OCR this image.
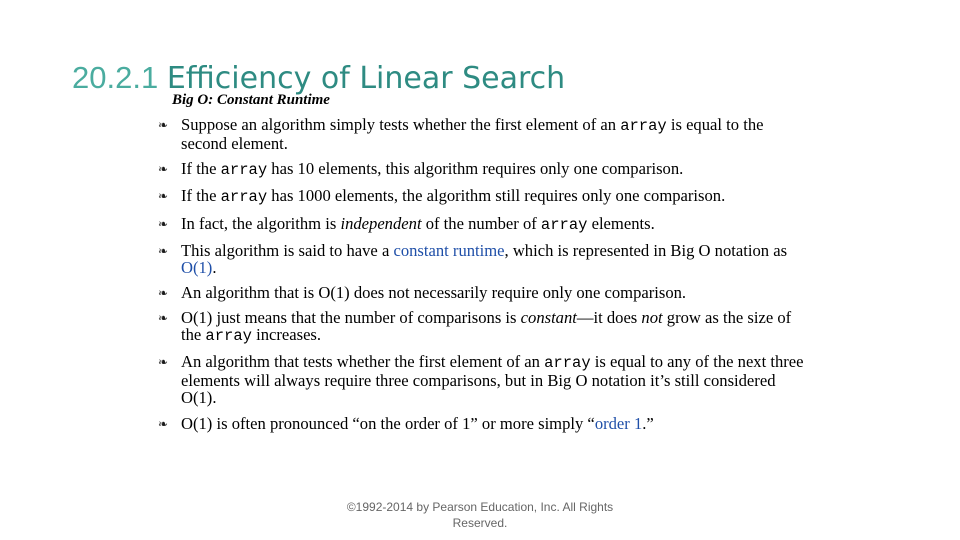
20.2.1 Efficiency of Linear Search
Big O: Constant Runtime
❧ Suppose an algorithm simply tests whether the first element of an array is equal to the second element.
❧ If the array has 10 elements, this algorithm requires only one comparison.
❧ If the array has 1000 elements, the algorithm still requires only one comparison.
❧ In fact, the algorithm is independent of the number of array elements.
❧ This algorithm is said to have a constant runtime, which is represented in Big O notation as O(1).
❧ An algorithm that is O(1) does not necessarily require only one comparison.
❧ O(1) just means that the number of comparisons is constant—it does not grow as the size of the array increases.
❧ An algorithm that tests whether the first element of an array is equal to any of the next three elements will always require three comparisons, but in Big O notation it’s still considered O(1).
❧ O(1) is often pronounced “on the order of 1” or more simply “order 1.”
©1992-2014 by Pearson Education, Inc. All Rights
Reserved.
